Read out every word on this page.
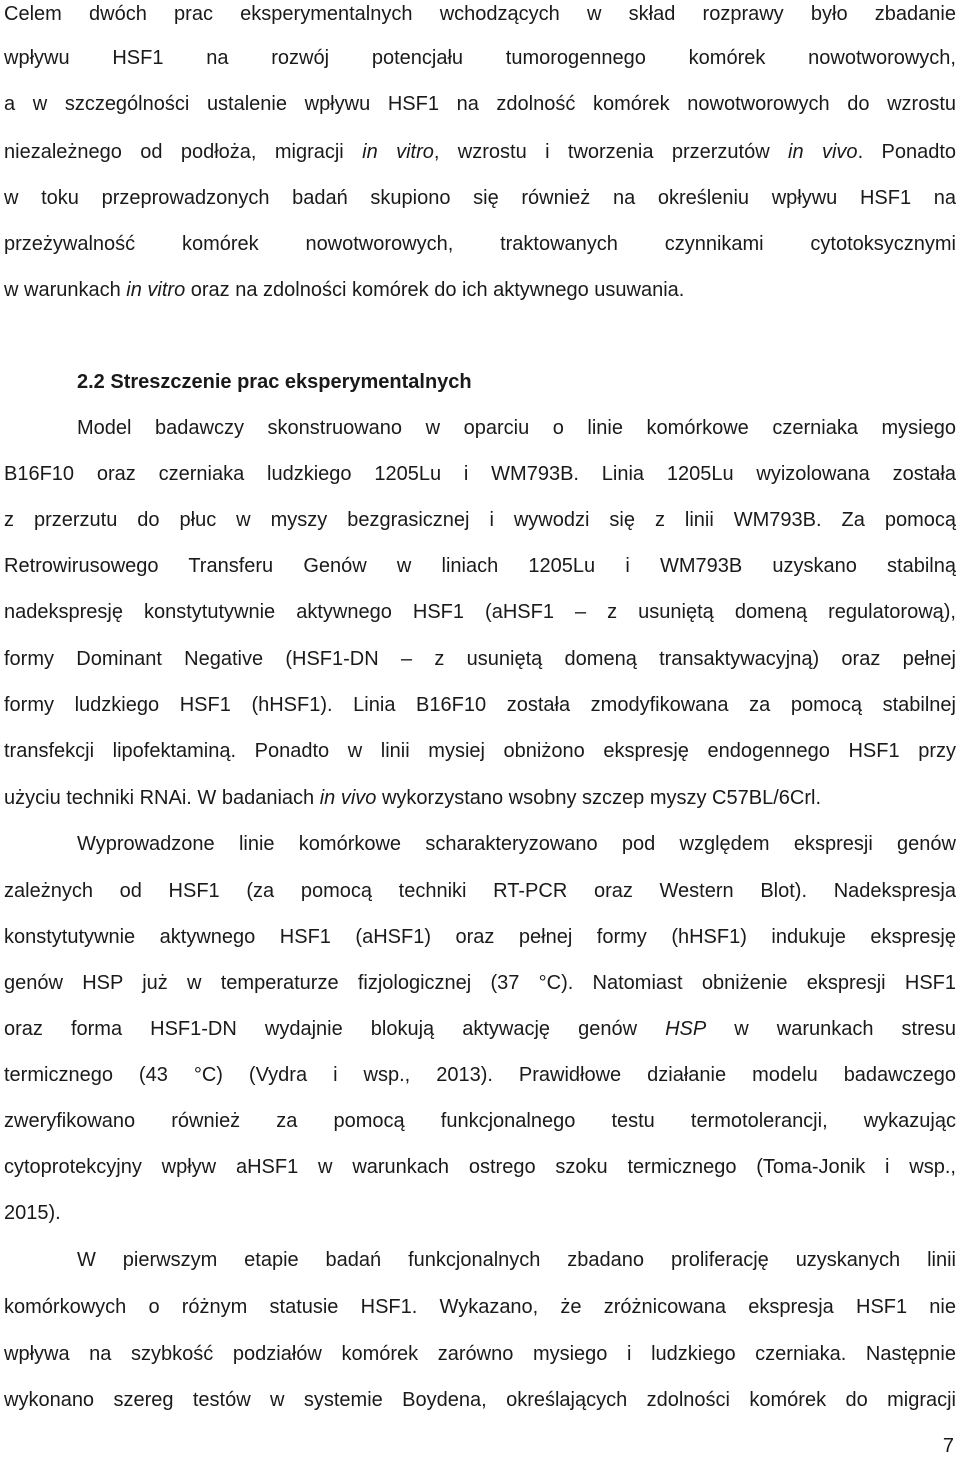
Celem dwóch prac eksperymentalnych wchodzących w skład rozprawy było zbadanie
wpływu HSF1 na rozwój potencjału tumorogennego komórek nowotworowych,
a w szczególności ustalenie wpływu HSF1 na zdolność komórek nowotworowych do wzrostu
niezależnego od podłoża, migracji in vitro, wzrostu i tworzenia przerzutów in vivo. Ponadto
w toku przeprowadzonych badań skupiono się również na określeniu wpływu HSF1 na
przeżywalność komórek nowotworowych, traktowanych czynnikami cytotoksycznymi
w warunkach in vitro oraz na zdolności komórek do ich aktywnego usuwania.
2.2 Streszczenie prac eksperymentalnych
Model badawczy skonstruowano w oparciu o linie komórkowe czerniaka mysiego
B16F10 oraz czerniaka ludzkiego 1205Lu i WM793B. Linia 1205Lu wyizolowana została
z przerzutu do płuc w myszy bezgrasicznej i wywodzi się z linii WM793B. Za pomocą
Retrowirusowego Transferu Genów w liniach 1205Lu i WM793B uzyskano stabilną
nadekspresję konstytutywnie aktywnego HSF1 (aHSF1 – z usuniętą domeną regulatorową),
formy Dominant Negative (HSF1-DN – z usuniętą domeną transaktywacyjną) oraz pełnej
formy ludzkiego HSF1 (hHSF1). Linia B16F10 została zmodyfikowana za pomocą stabilnej
transfekcji lipofektaminą. Ponadto w linii mysiej obniżono ekspresję endogennego HSF1 przy
użyciu techniki RNAi. W badaniach in vivo wykorzystano wsobny szczep myszy C57BL/6Crl.
Wyprowadzone linie komórkowe scharakteryzowano pod względem ekspresji genów
zależnych od HSF1 (za pomocą techniki RT-PCR oraz Western Blot). Nadekspresja
konstytutywnie aktywnego HSF1 (aHSF1) oraz pełnej formy (hHSF1) indukuje ekspresję
genów HSP już w temperaturze fizjologicznej (37 °C). Natomiast obniżenie ekspresji HSF1
oraz forma HSF1-DN wydajnie blokują aktywację genów HSP w warunkach stresu
termicznego (43 °C) (Vydra i wsp., 2013). Prawidłowe działanie modelu badawczego
zweryfikowano również za pomocą funkcjonalnego testu termotolerancji, wykazując
cytoprotekcyjny wpływ aHSF1 w warunkach ostrego szoku termicznego (Toma-Jonik i wsp.,
2015).
W pierwszym etapie badań funkcjonalnych zbadano proliferację uzyskanych linii
komórkowych o różnym statusie HSF1. Wykazano, że zróżnicowana ekspresja HSF1 nie
wpływa na szybkość podziałów komórek zarówno mysiego i ludzkiego czerniaka. Następnie
wykonano szereg testów w systemie Boydena, określających zdolności komórek do migracji
7
